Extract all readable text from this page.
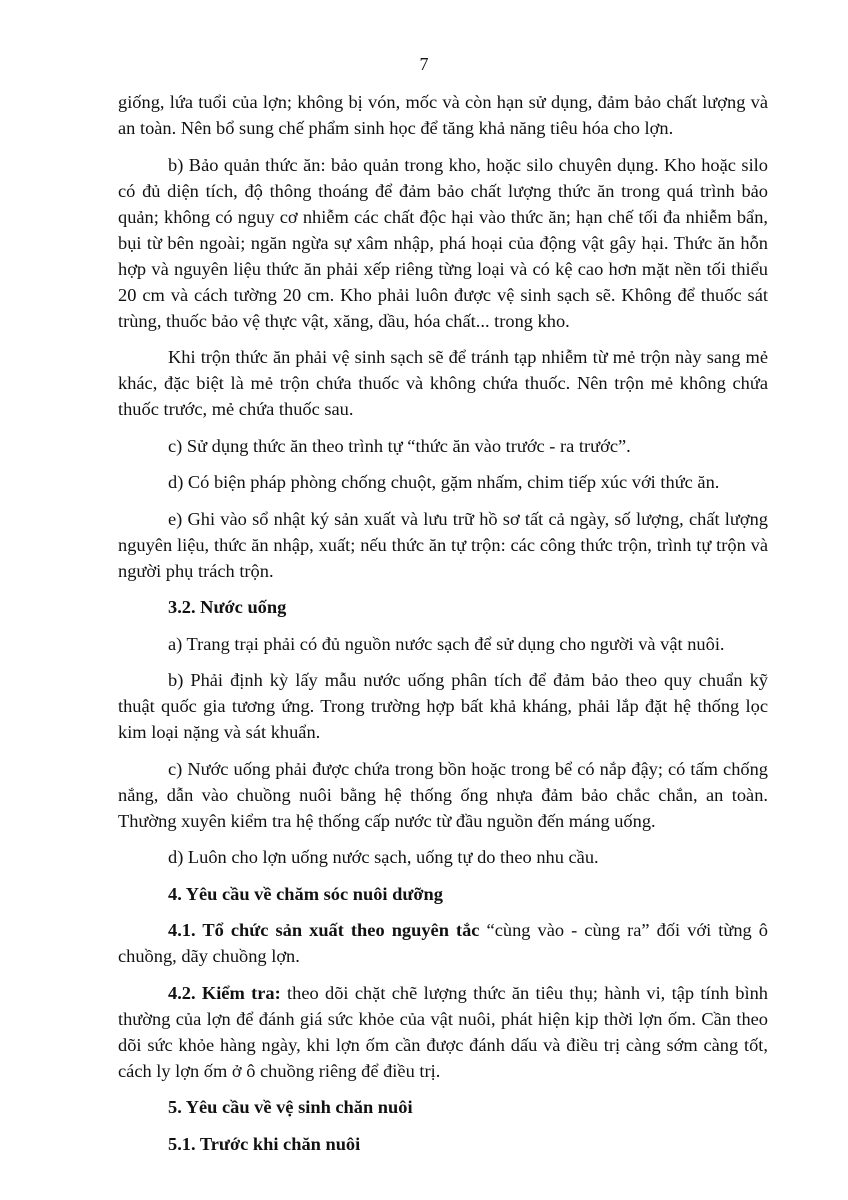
7

giống, lứa tuổi của lợn; không bị vón, mốc và còn hạn sử dụng, đảm bảo chất lượng và an toàn. Nên bổ sung chế phẩm sinh học để tăng khả năng tiêu hóa cho lợn.

b) Bảo quản thức ăn: bảo quản trong kho, hoặc silo chuyên dụng. Kho hoặc silo có đủ diện tích, độ thông thoáng để đảm bảo chất lượng thức ăn trong quá trình bảo quản; không có nguy cơ nhiễm các chất độc hại vào thức ăn; hạn chế tối đa nhiễm bẩn, bụi từ bên ngoài; ngăn ngừa sự xâm nhập, phá hoại của động vật gây hại. Thức ăn hỗn hợp và nguyên liệu thức ăn phải xếp riêng từng loại và có kệ cao hơn mặt nền tối thiểu 20 cm và cách tường 20 cm. Kho phải luôn được vệ sinh sạch sẽ. Không để thuốc sát trùng, thuốc bảo vệ thực vật, xăng, dầu, hóa chất... trong kho.

Khi trộn thức ăn phải vệ sinh sạch sẽ để tránh tạp nhiễm từ mẻ trộn này sang mẻ khác, đặc biệt là mẻ trộn chứa thuốc và không chứa thuốc. Nên trộn mẻ không chứa thuốc trước, mẻ chứa thuốc sau.

c) Sử dụng thức ăn theo trình tự “thức ăn vào trước - ra trước”.

d) Có biện pháp phòng chống chuột, gặm nhấm, chim tiếp xúc với thức ăn.

e) Ghi vào sổ nhật ký sản xuất và lưu trữ hồ sơ tất cả ngày, số lượng, chất lượng nguyên liệu, thức ăn nhập, xuất; nếu thức ăn tự trộn: các công thức trộn, trình tự trộn và người phụ trách trộn.

3.2. Nước uống

a) Trang trại phải có đủ nguồn nước sạch để sử dụng cho người và vật nuôi.

b) Phải định kỳ lấy mẫu nước uống phân tích để đảm bảo theo quy chuẩn kỹ thuật quốc gia tương ứng. Trong trường hợp bất khả kháng, phải lắp đặt hệ thống lọc kim loại nặng và sát khuẩn.

c) Nước uống phải được chứa trong bồn hoặc trong bể có nắp đậy; có tấm chống nắng, dẫn vào chuồng nuôi bằng hệ thống ống nhựa đảm bảo chắc chắn, an toàn. Thường xuyên kiểm tra hệ thống cấp nước từ đầu nguồn đến máng uống.

d) Luôn cho lợn uống nước sạch, uống tự do theo nhu cầu.

4. Yêu cầu về chăm sóc nuôi dưỡng

4.1. Tổ chức sản xuất theo nguyên tắc “cùng vào - cùng ra” đối với từng ô chuồng, dãy chuồng lợn.

4.2. Kiểm tra: theo dõi chặt chẽ lượng thức ăn tiêu thụ; hành vi, tập tính bình thường của lợn để đánh giá sức khỏe của vật nuôi, phát hiện kịp thời lợn ốm. Cần theo dõi sức khỏe hàng ngày, khi lợn ốm cần được đánh dấu và điều trị càng sớm càng tốt, cách ly lợn ốm ở ô chuồng riêng để điều trị.

5. Yêu cầu về vệ sinh chăn nuôi

5.1. Trước khi chăn nuôi
